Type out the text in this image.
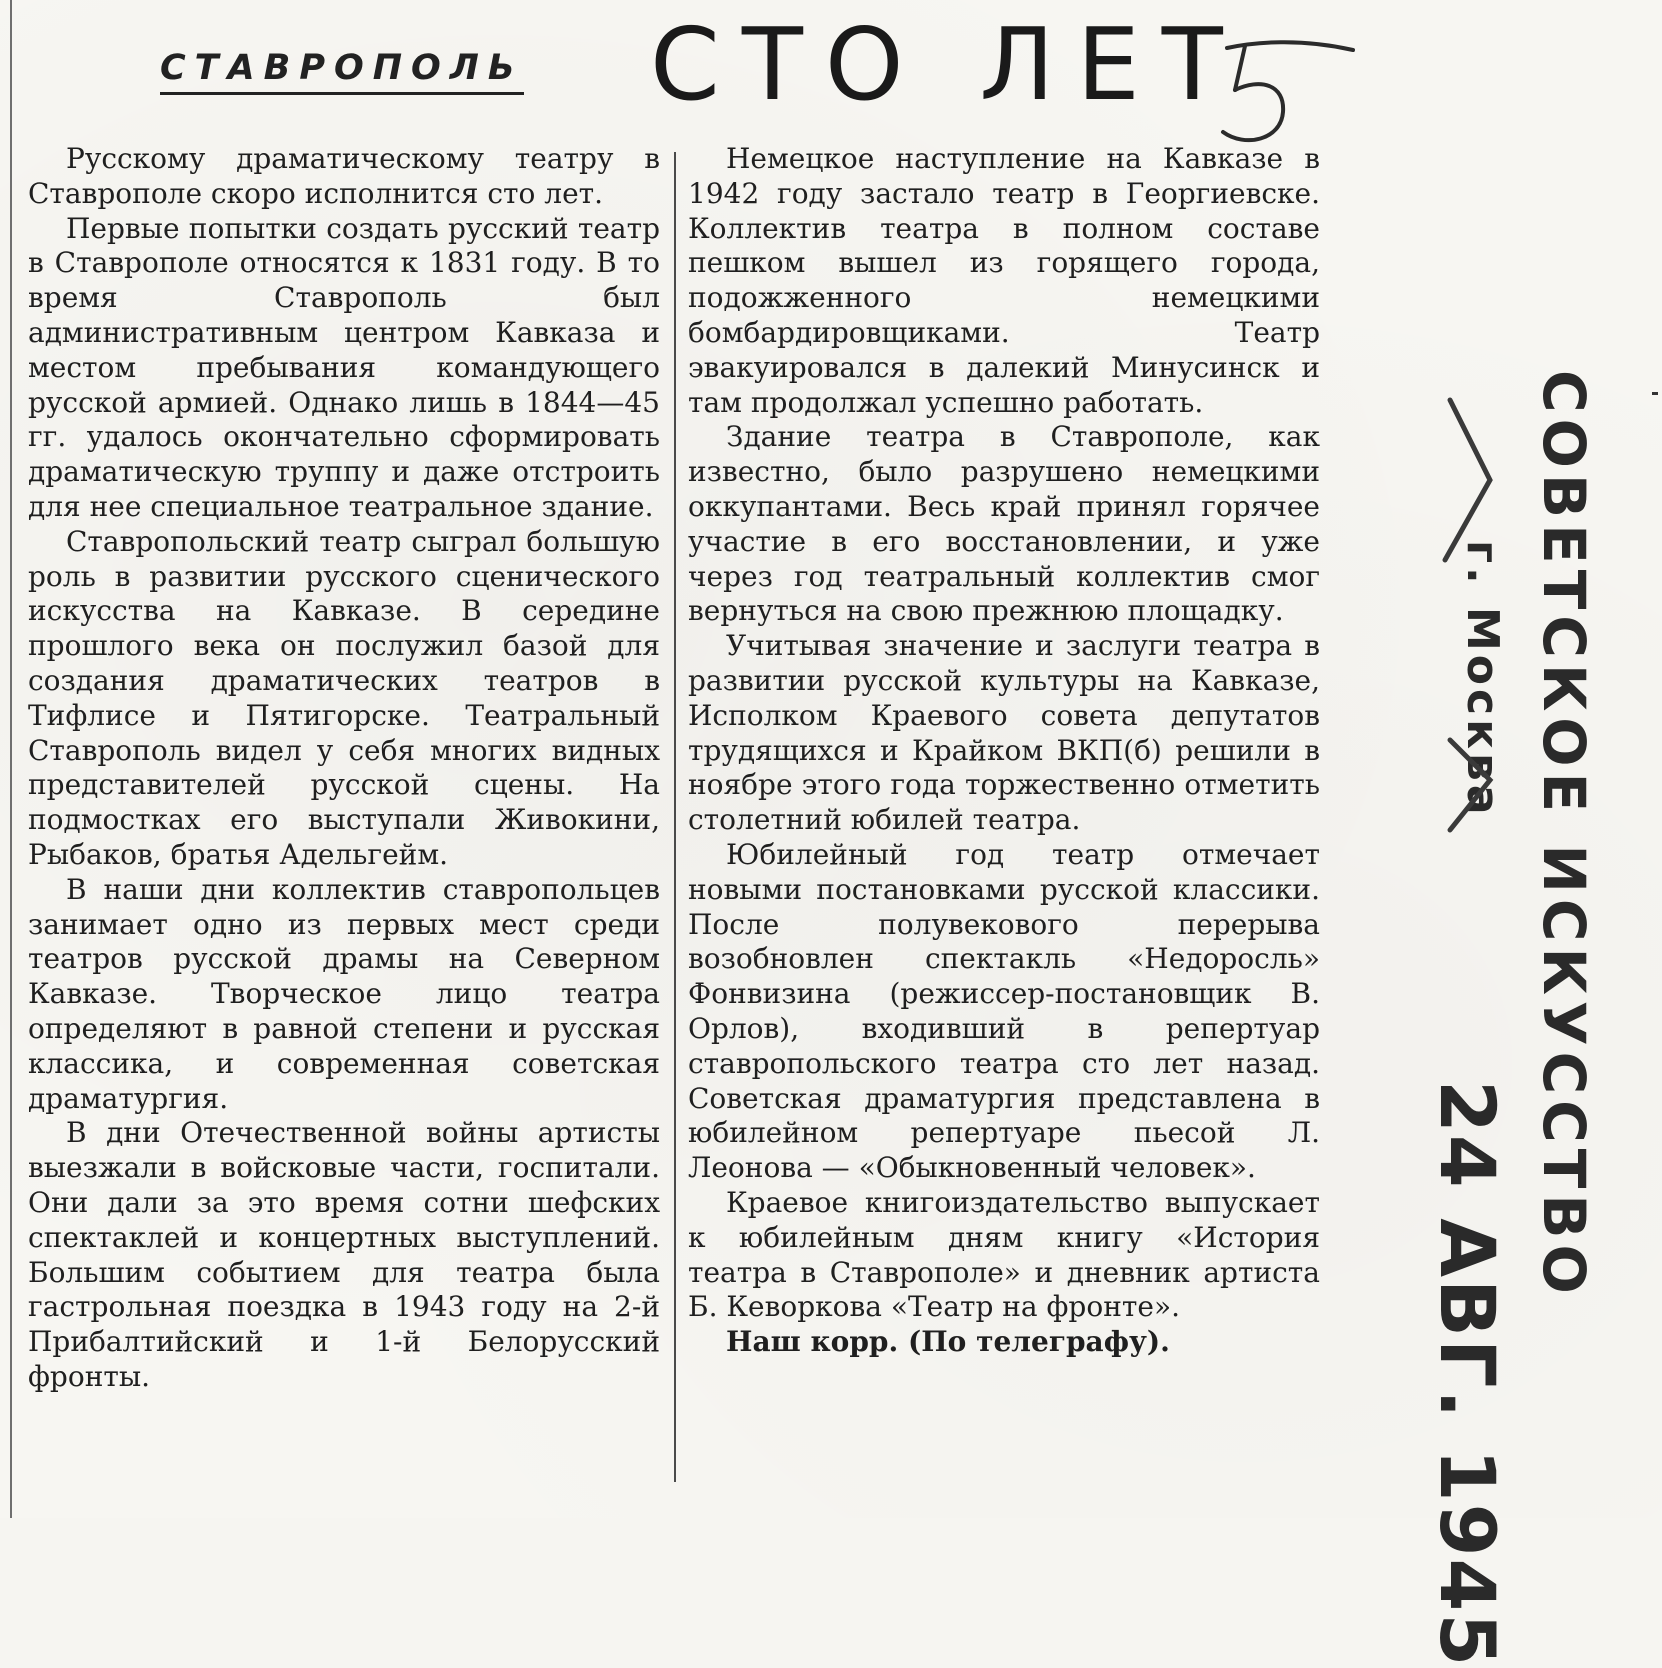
СТАВРОПОЛЬ СТО ЛЕТ

Русскому драматическому театру в Ставрополе скоро исполнится сто лет.

Первые попытки создать русский театр в Ставрополе относятся к 1831 году. В то время Ставрополь был административным центром Кавказа и местом пребывания командующего русской армией. Однако лишь в 1844—45 гг. удалось окончательно сформировать драматическую труппу и даже отстроить для нее специальное театральное здание.

Ставропольский театр сыграл большую роль в развитии русского сценического искусства на Кавказе. В середине прошлого века он послужил базой для создания драматических театров в Тифлисе и Пятигорске. Театральный Ставрополь видел у себя многих видных представителей русской сцены. На подмостках его выступали Живокини, Рыбаков, братья Адельгейм.

В наши дни коллектив ставропольцев занимает одно из первых мест среди театров русской драмы на Северном Кавказе. Творческое лицо театра определяют в равной степени и русская классика, и современная советская драматургия.

В дни Отечественной войны артисты выезжали в войсковые части, госпитали. Они дали за это время сотни шефских спектаклей и концертных выступлений. Большим событием для театра была гастрольная поездка в 1943 году на 2-й Прибалтийский и 1-й Белорусский фронты.

Немецкое наступление на Кавказе в 1942 году застало театр в Георгиевске. Коллектив театра в полном составе пешком вышел из горящего города, подожженного немецкими бомбардировщиками. Театр эвакуировался в далекий Минусинск и там продолжал успешно работать.

Здание театра в Ставрополе, как известно, было разрушено немецкими оккупантами. Весь край принял горячее участие в его восстановлении, и уже через год театральный коллектив смог вернуться на свою прежнюю площадку.

Учитывая значение и заслуги театра в развитии русской культуры на Кавказе, Исполком Краевого совета депутатов трудящихся и Крайком ВКП(б) решили в ноябре этого года торжественно отметить столетний юбилей театра.

Юбилейный год театр отмечает новыми постановками русской классики. После полувекового перерыва возобновлен спектакль «Недоросль» Фонвизина (режиссер-постановщик В. Орлов), входивший в репертуар ставропольского театра сто лет назад. Советская драматургия представлена в юбилейном репертуаре пьесой Л. Леонова — «Обыкновенный человек».

Краевое книгоиздательство выпускает к юбилейным дням книгу «История театра в Ставрополе» и дневник артиста Б. Кеворкова «Театр на фронте».

Наш корр. (По телеграфу).

СОВЕТСКОЕ ИСКУССТВО
г. Москва
24 АВГ. 1945
